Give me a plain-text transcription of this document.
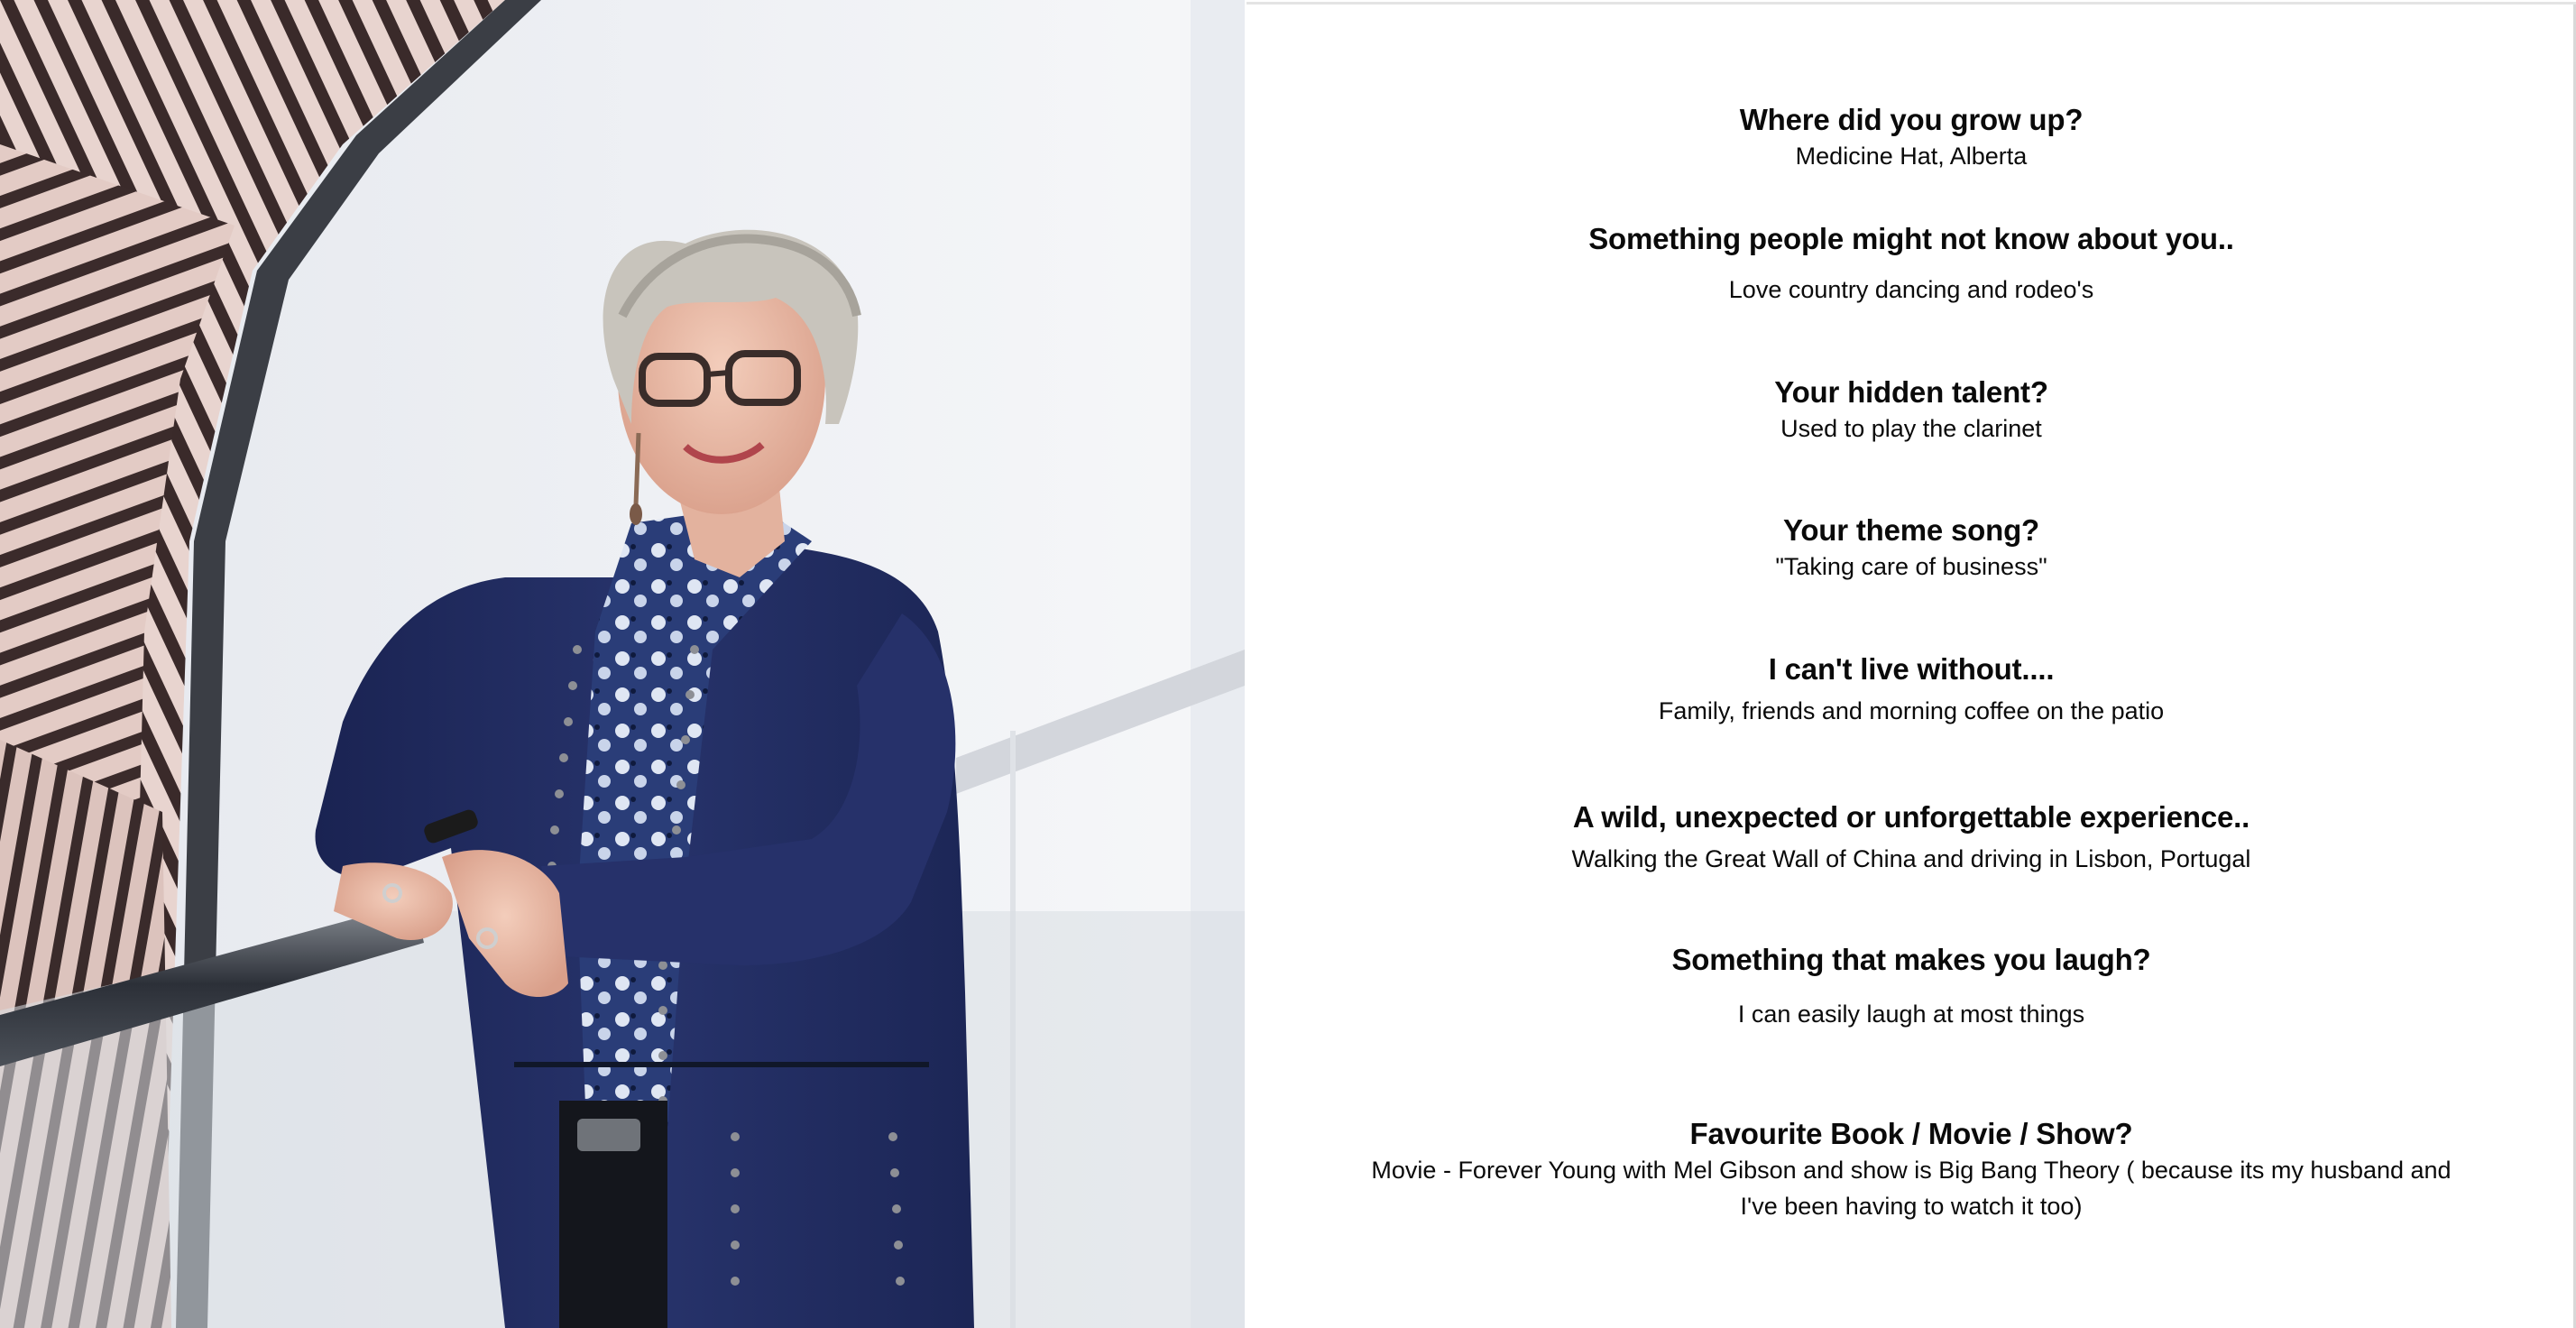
Where did you grow up?

Medicine Hat, Alberta

Something people might not know about you..

Love country dancing and rodeo's

Your hidden talent?

Used to play the clarinet

Your theme song?

"Taking care of business"

I can't live without....

Family, friends and morning coffee on the patio

A wild, unexpected or unforgettable experience..

Walking the Great Wall of China and driving in Lisbon, Portugal

Something that makes you laugh?

I can easily laugh at most things

Favourite Book / Movie / Show?

Movie - Forever Young with Mel Gibson and show is Big Bang Theory ( because its my husband and I've been having to watch it too)
